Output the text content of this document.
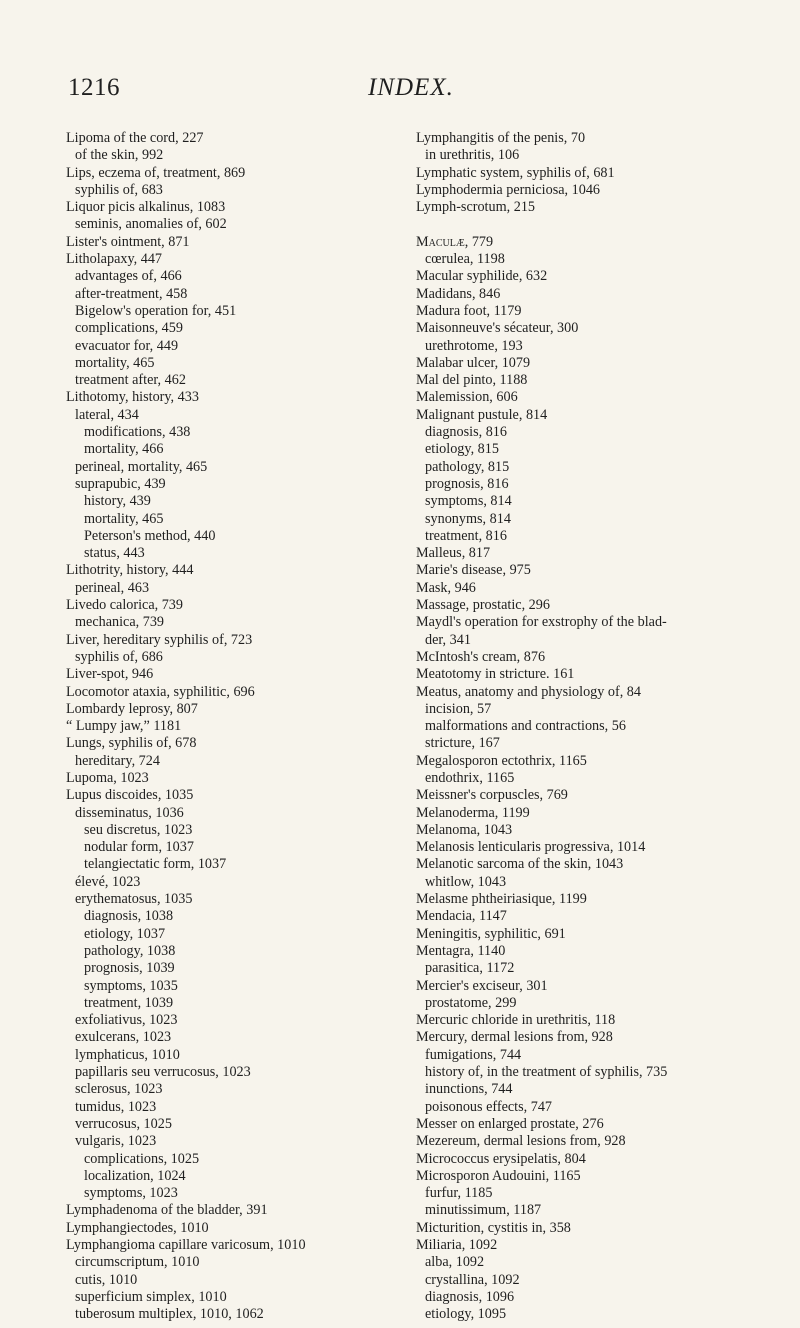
1216	INDEX.
Lipoma of the cord, 227
of the skin, 992
Lips, eczema of, treatment, 869
syphilis of, 683
Liquor picis alkalinus, 1083
seminis, anomalies of, 602
Lister's ointment, 871
Litholapaxy, 447
advantages of, 466
after-treatment, 458
Bigelow's operation for, 451
complications, 459
evacuator for, 449
mortality, 465
treatment after, 462
Lithotomy, history, 433
lateral, 434
modifications, 438
mortality, 466
perineal, mortality, 465
suprapubic, 439
history, 439
mortality, 465
Peterson's method, 440
status, 443
Lithotrity, history, 444
perineal, 463
Livedo calorica, 739
mechanica, 739
Liver, hereditary syphilis of, 723
syphilis of, 686
Liver-spot, 946
Locomotor ataxia, syphilitic, 696
Lombardy leprosy, 807
“ Lumpy jaw,” 1181
Lungs, syphilis of, 678
hereditary, 724
Lupoma, 1023
Lupus discoides, 1035
disseminatus, 1036
seu discretus, 1023
nodular form, 1037
telangiectatic form, 1037
élevé, 1023
erythematosus, 1035
diagnosis, 1038
etiology, 1037
pathology, 1038
prognosis, 1039
symptoms, 1035
treatment, 1039
exfoliativus, 1023
exulcerans, 1023
lymphaticus, 1010
papillaris seu verrucosus, 1023
sclerosus, 1023
tumidus, 1023
verrucosus, 1025
vulgaris, 1023
complications, 1025
localization, 1024
symptoms, 1023
Lymphadenoma of the bladder, 391
Lymphangiectodes, 1010
Lymphangioma capillare varicosum, 1010
circumscriptum, 1010
cutis, 1010
superficium simplex, 1010
tuberosum multiplex, 1010, 1062
Lymphangitis of the penis, 70
in urethritis, 106
Lymphatic system, syphilis of, 681
Lymphodermia perniciosa, 1046
Lymph-scrotum, 215
Maculæ, 779
cœrulea, 1198
Macular syphilide, 632
Madidans, 846
Madura foot, 1179
Maisonneuve's sécateur, 300
urethrotome, 193
Malabar ulcer, 1079
Mal del pinto, 1188
Malemission, 606
Malignant pustule, 814
diagnosis, 816
etiology, 815
pathology, 815
prognosis, 816
symptoms, 814
synonyms, 814
treatment, 816
Malleus, 817
Marie's disease, 975
Mask, 946
Massage, prostatic, 296
Maydl's operation for exstrophy of the blad-
der, 341
McIntosh's cream, 876
Meatotomy in stricture. 161
Meatus, anatomy and physiology of, 84
incision, 57
malformations and contractions, 56
stricture, 167
Megalosporon ectothrix, 1165
endothrix, 1165
Meissner's corpuscles, 769
Melanoderma, 1199
Melanoma, 1043
Melanosis lenticularis progressiva, 1014
Melanotic sarcoma of the skin, 1043
whitlow, 1043
Melasme phtheiriasique, 1199
Mendacia, 1147
Meningitis, syphilitic, 691
Mentagra, 1140
parasitica, 1172
Mercier's exciseur, 301
prostatome, 299
Mercuric chloride in urethritis, 118
Mercury, dermal lesions from, 928
fumigations, 744
history of, in the treatment of syphilis, 735
inunctions, 744
poisonous effects, 747
Messer on enlarged prostate, 276
Mezereum, dermal lesions from, 928
Micrococcus erysipelatis, 804
Microsporon Audouini, 1165
furfur, 1185
minutissimum, 1187
Micturition, cystitis in, 358
Miliaria, 1092
alba, 1092
crystallina, 1092
diagnosis, 1096
etiology, 1095
